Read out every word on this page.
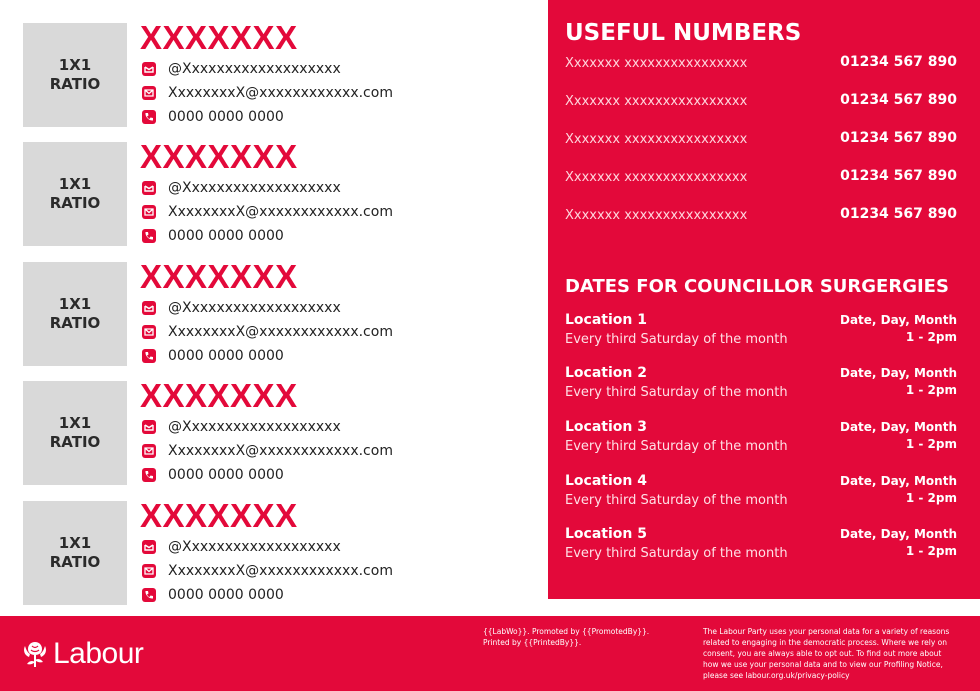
1X1
RATIO
XXXXXXX
@Xxxxxxxxxxxxxxxxxxx
XxxxxxxxX@xxxxxxxxxxxx.com
0000 0000 0000
1X1
RATIO
XXXXXXX
@Xxxxxxxxxxxxxxxxxxx
XxxxxxxxX@xxxxxxxxxxxx.com
0000 0000 0000
1X1
RATIO
XXXXXXX
@Xxxxxxxxxxxxxxxxxxx
XxxxxxxxX@xxxxxxxxxxxx.com
0000 0000 0000
1X1
RATIO
XXXXXXX
@Xxxxxxxxxxxxxxxxxxx
XxxxxxxxX@xxxxxxxxxxxx.com
0000 0000 0000
1X1
RATIO
XXXXXXX
@Xxxxxxxxxxxxxxxxxxx
XxxxxxxxX@xxxxxxxxxxxx.com
0000 0000 0000
USEFUL NUMBERS
Xxxxxxx xxxxxxxxxxxxxxxx	01234 567 890
Xxxxxxx xxxxxxxxxxxxxxxx	01234 567 890
Xxxxxxx xxxxxxxxxxxxxxxx	01234 567 890
Xxxxxxx xxxxxxxxxxxxxxxx	01234 567 890
Xxxxxxx xxxxxxxxxxxxxxxx	01234 567 890
DATES FOR COUNCILLOR SURGERGIES
Location 1
Every third Saturday of the month
Date, Day, Month
1 - 2pm
Location 2
Every third Saturday of the month
Date, Day, Month
1 - 2pm
Location 3
Every third Saturday of the month
Date, Day, Month
1 - 2pm
Location 4
Every third Saturday of the month
Date, Day, Month
1 - 2pm
Location 5
Every third Saturday of the month
Date, Day, Month
1 - 2pm
Labour
{{LabWo}}. Promoted by {{PromotedBy}}. Printed by {{PrintedBy}}.
The Labour Party uses your personal data for a variety of reasons related to engaging in the democratic process. Where we rely on consent, you are always able to opt out. To find out more about how we use your personal data and to view our Profiling Notice, please see labour.org.uk/privacy-policy
